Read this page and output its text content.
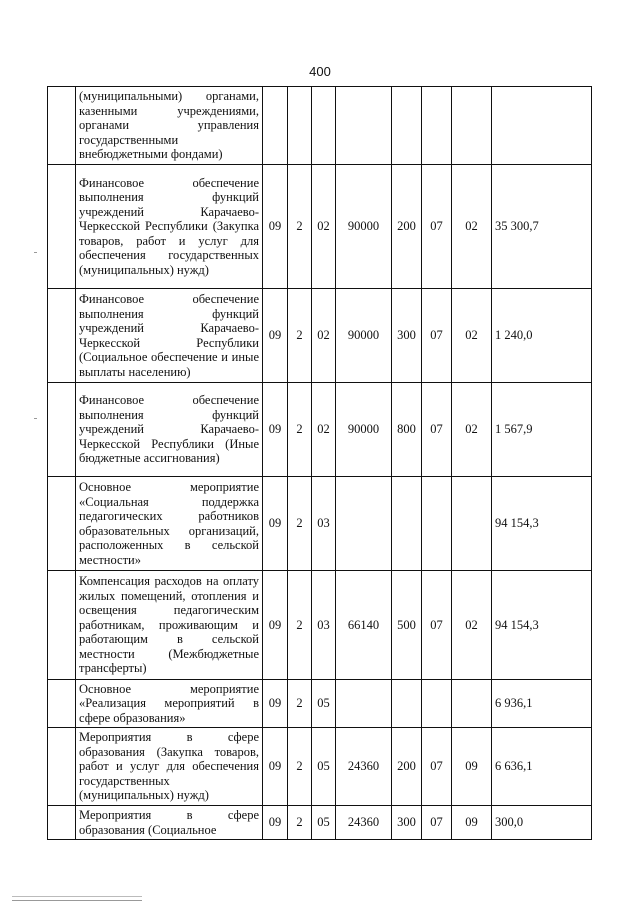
400

	(муниципальными) органами, казенными учреждениями, органами управления государственными внебюджетными фондами)								

	Финансовое обеспечение выполнения функций учреждений Карачаево-Черкесской Республики (Закупка товаров, работ и услуг для обеспечения государственных (муниципальных) нужд)	09	2	02	90000	200	07	02	35 300,7

	Финансовое обеспечение выполнения функций учреждений Карачаево-Черкесской Республики (Социальное обеспечение и иные выплаты населению)	09	2	02	90000	300	07	02	1 240,0

	Финансовое обеспечение выполнения функций учреждений Карачаево-Черкесской Республики (Иные бюджетные ассигнования)	09	2	02	90000	800	07	02	1 567,9

	Основное мероприятие «Социальная поддержка педагогических работников образовательных организаций, расположенных в сельской местности»	09	2	03					94 154,3

	Компенсация расходов на оплату жилых помещений, отопления и освещения педагогическим работникам, проживающим и работающим в сельской местности (Межбюджетные трансферты)	09	2	03	66140	500	07	02	94 154,3

	Основное мероприятие «Реализация мероприятий в сфере образования»	09	2	05					6 936,1

	Мероприятия в сфере образования (Закупка товаров, работ и услуг для обеспечения государственных (муниципальных) нужд)	09	2	05	24360	200	07	09	6 636,1

	Мероприятия в сфере образования (Социальное	09	2	05	24360	300	07	09	300,0
